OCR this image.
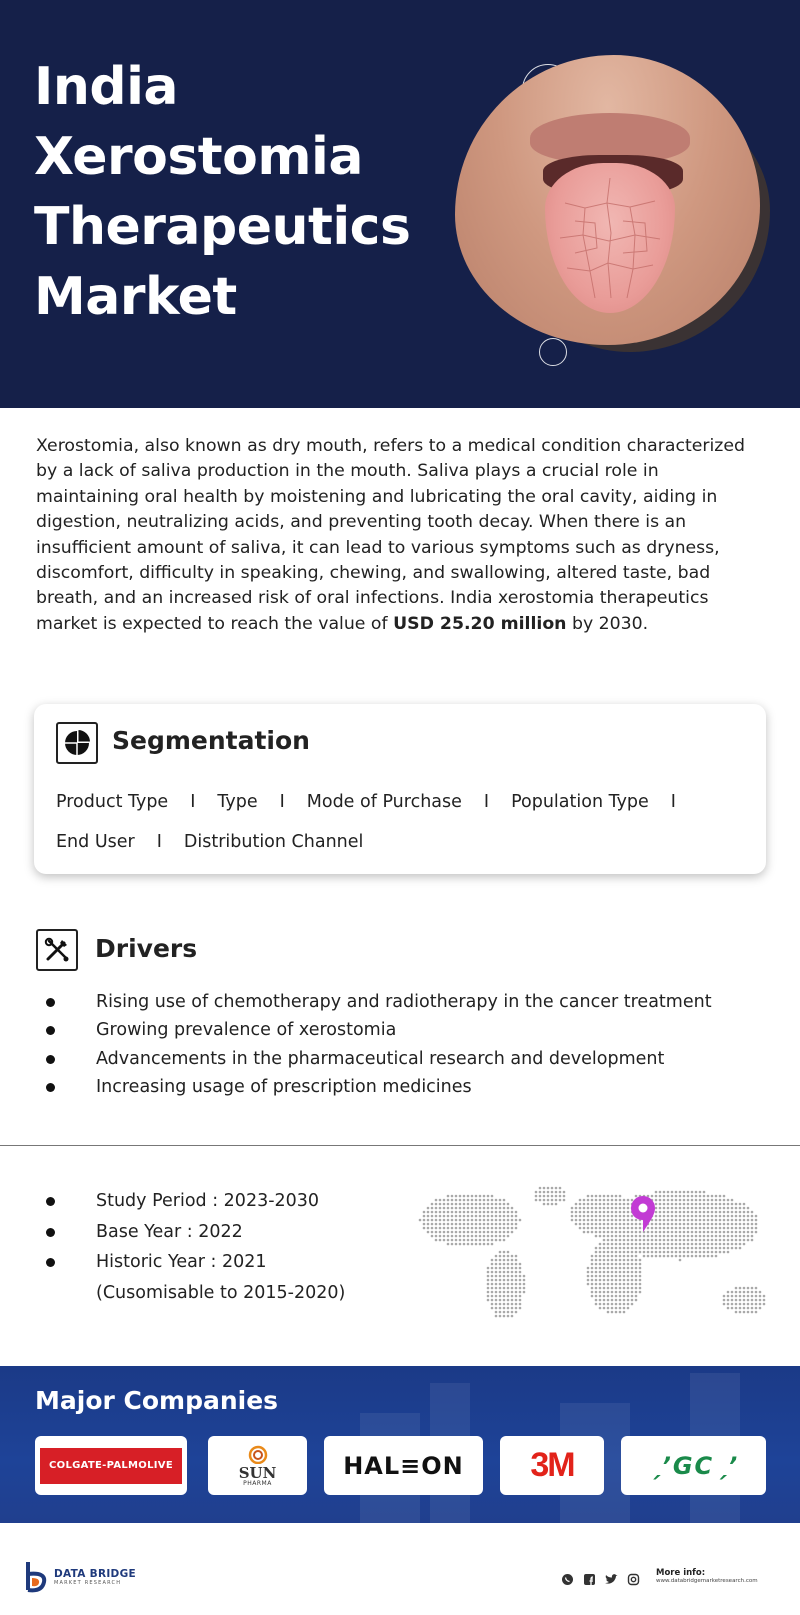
India
Xerostomia
Therapeutics
Market

Xerostomia, also known as dry mouth, refers to a medical condition characterized by a lack of saliva production in the mouth. Saliva plays a crucial role in maintaining oral health by moistening and lubricating the oral cavity, aiding in digestion, neutralizing acids, and preventing tooth decay. When there is an insufficient amount of saliva, it can lead to various symptoms such as dryness, discomfort, difficulty in speaking, chewing, and swallowing, altered taste, bad breath, and an increased risk of oral infections. India xerostomia therapeutics market is expected to reach the value of USD 25.20 million by 2030.

Segmentation
Product Type I Type I Mode of Purchase I Population Type I
End User I Distribution Channel
Drivers
Rising use of chemotherapy and radiotherapy in the cancer treatment
Growing prevalence of xerostomia
Advancements in the pharmaceutical research and development
Increasing usage of prescription medicines
Study Period : 2023-2030
Base Year : 2022
Historic Year : 2021
(Cusomisable to 2015-2020)
Major Companies
COLGATE-PALMOLIVE	SUN
PHARMA
HAL≡ON 3M	ˏ’GCˏ’
DATA BRIDGE
MARKET RESEARCH
More info:
www.databridgemarketresearch.com
